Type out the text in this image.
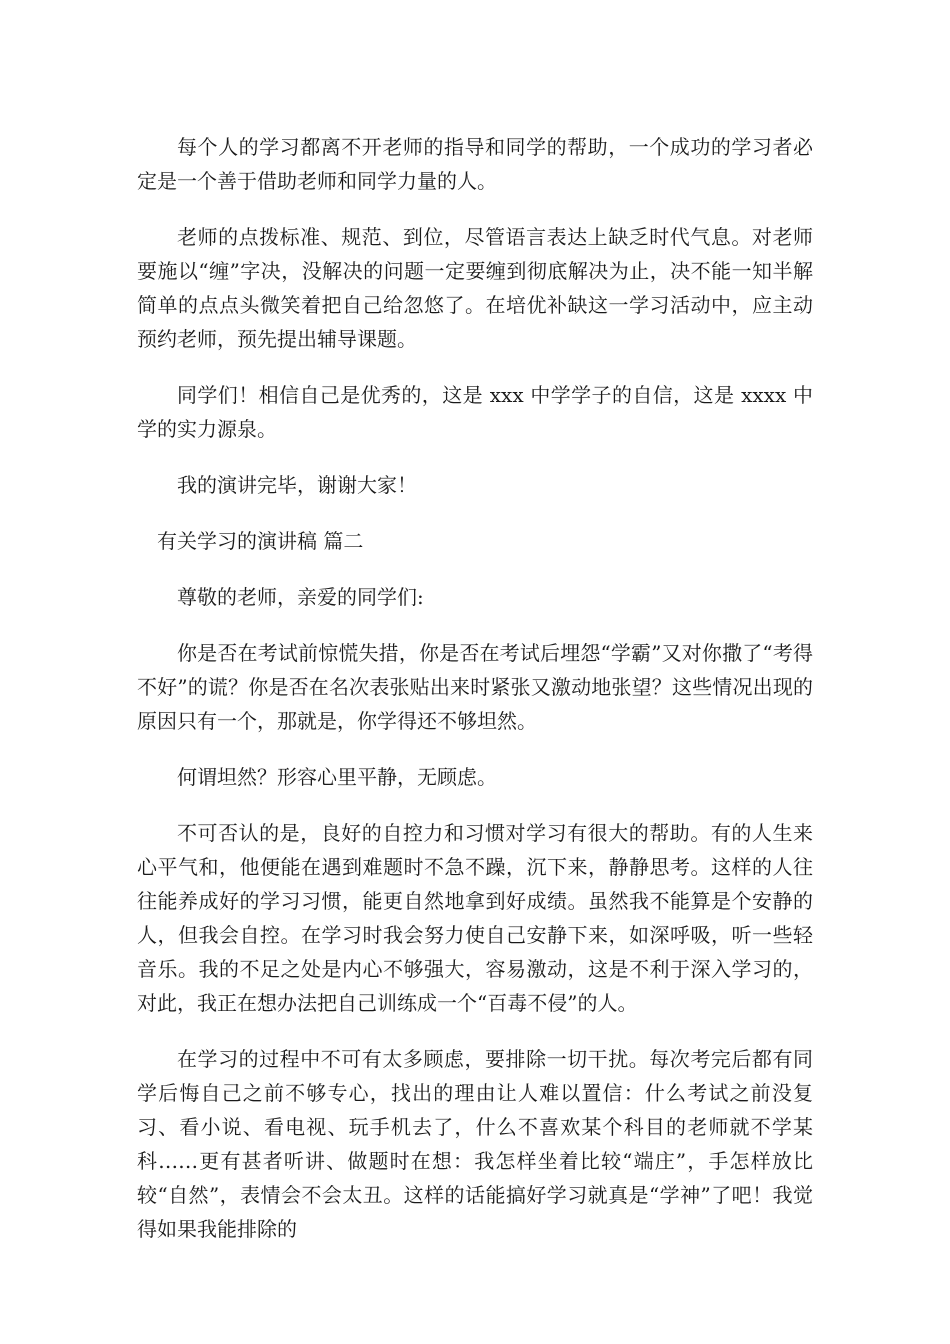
每个人的学习都离不开老师的指导和同学的帮助，一个成功的学习者必定是一个善于借助老师和同学力量的人。

老师的点拨标准、规范、到位，尽管语言表达上缺乏时代气息。对老师要施以“缠”字决，没解决的问题一定要缠到彻底解决为止，决不能一知半解简单的点点头微笑着把自己给忽悠了。在培优补缺这一学习活动中，应主动预约老师，预先提出辅导课题。

同学们！相信自己是优秀的，这是 xxx 中学学子的自信，这是 xxxx 中学的实力源泉。

我的演讲完毕，谢谢大家！

有关学习的演讲稿 篇二

尊敬的老师，亲爱的同学们:

你是否在考试前惊慌失措，你是否在考试后埋怨“学霸”又对你撒了“考得不好”的谎？你是否在名次表张贴出来时紧张又激动地张望？这些情况出现的原因只有一个，那就是，你学得还不够坦然。

何谓坦然？形容心里平静，无顾虑。

不可否认的是，良好的自控力和习惯对学习有很大的帮助。有的人生来心平气和，他便能在遇到难题时不急不躁，沉下来，静静思考。这样的人往往能养成好的学习习惯，能更自然地拿到好成绩。虽然我不能算是个安静的人，但我会自控。在学习时我会努力使自己安静下来，如深呼吸，听一些轻音乐。我的不足之处是内心不够强大，容易激动，这是不利于深入学习的，对此，我正在想办法把自己训练成一个“百毒不侵”的人。

在学习的过程中不可有太多顾虑，要排除一切干扰。每次考完后都有同学后悔自己之前不够专心，找出的理由让人难以置信：什么考试之前没复习、看小说、看电视、玩手机去了，什么不喜欢某个科目的老师就不学某科……更有甚者听讲、做题时在想：我怎样坐着比较“端庄”，手怎样放比较“自然”，表情会不会太丑。这样的话能搞好学习就真是“学神”了吧！我觉得如果我能排除的
